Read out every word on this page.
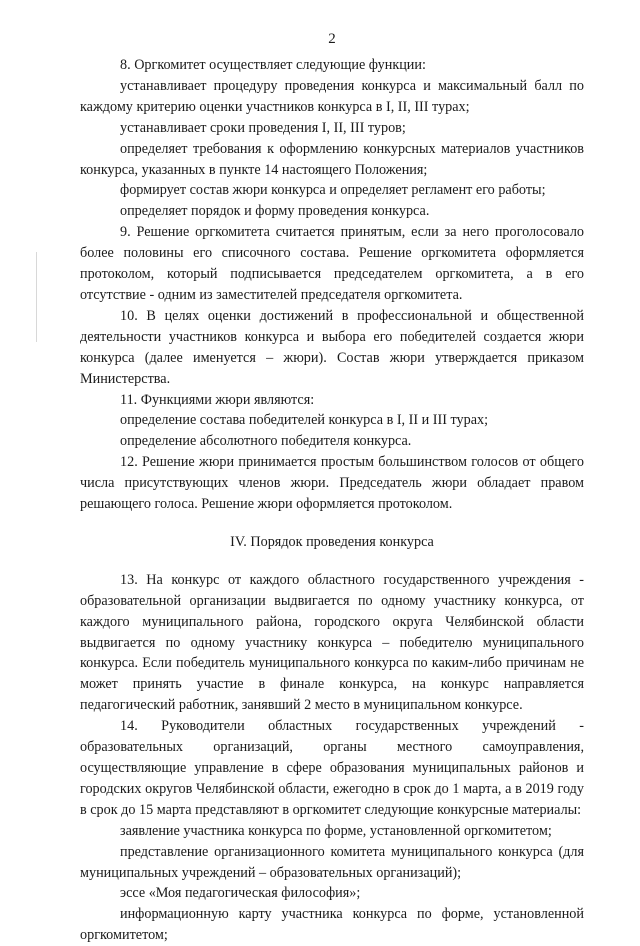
2

8. Оргкомитет осуществляет следующие функции:

устанавливает процедуру проведения конкурса и максимальный балл по каждому критерию оценки участников конкурса в I, II, III турах;

устанавливает сроки проведения I, II, III туров;

определяет требования к оформлению конкурсных материалов участников конкурса, указанных в пункте 14 настоящего Положения;

формирует состав жюри конкурса и определяет регламент его работы;

определяет порядок и форму проведения конкурса.

9. Решение оргкомитета считается принятым, если за него проголосовало более половины его списочного состава. Решение оргкомитета оформляется протоколом, который подписывается председателем оргкомитета, а в его отсутствие - одним из заместителей председателя оргкомитета.

10. В целях оценки достижений в профессиональной и общественной деятельности участников конкурса и выбора его победителей создается жюри конкурса (далее именуется – жюри). Состав жюри утверждается приказом Министерства.

11. Функциями жюри являются:

определение состава победителей конкурса в I, II и III турах;

определение абсолютного победителя конкурса.

12. Решение жюри принимается простым большинством голосов от общего числа присутствующих членов жюри. Председатель жюри обладает правом решающего голоса. Решение жюри оформляется протоколом.

IV. Порядок проведения конкурса

13. На конкурс от каждого областного государственного учреждения - образовательной организации выдвигается по одному участнику конкурса, от каждого муниципального района, городского округа Челябинской области выдвигается по одному участнику конкурса – победителю муниципального конкурса. Если победитель муниципального конкурса по каким-либо причинам не может принять участие в финале конкурса, на конкурс направляется педагогический работник, занявший 2 место в муниципальном конкурсе.

14. Руководители областных государственных учреждений - образовательных организаций, органы местного самоуправления, осуществляющие управление в сфере образования муниципальных районов и городских округов Челябинской области, ежегодно в срок до 1 марта, а в 2019 году в срок до 15 марта представляют в оргкомитет следующие конкурсные материалы:

заявление участника конкурса по форме, установленной оргкомитетом;

представление организационного комитета муниципального конкурса (для муниципальных учреждений – образовательных организаций);

эссе «Моя педагогическая философия»;

информационную карту участника конкурса по форме, установленной оргкомитетом;
